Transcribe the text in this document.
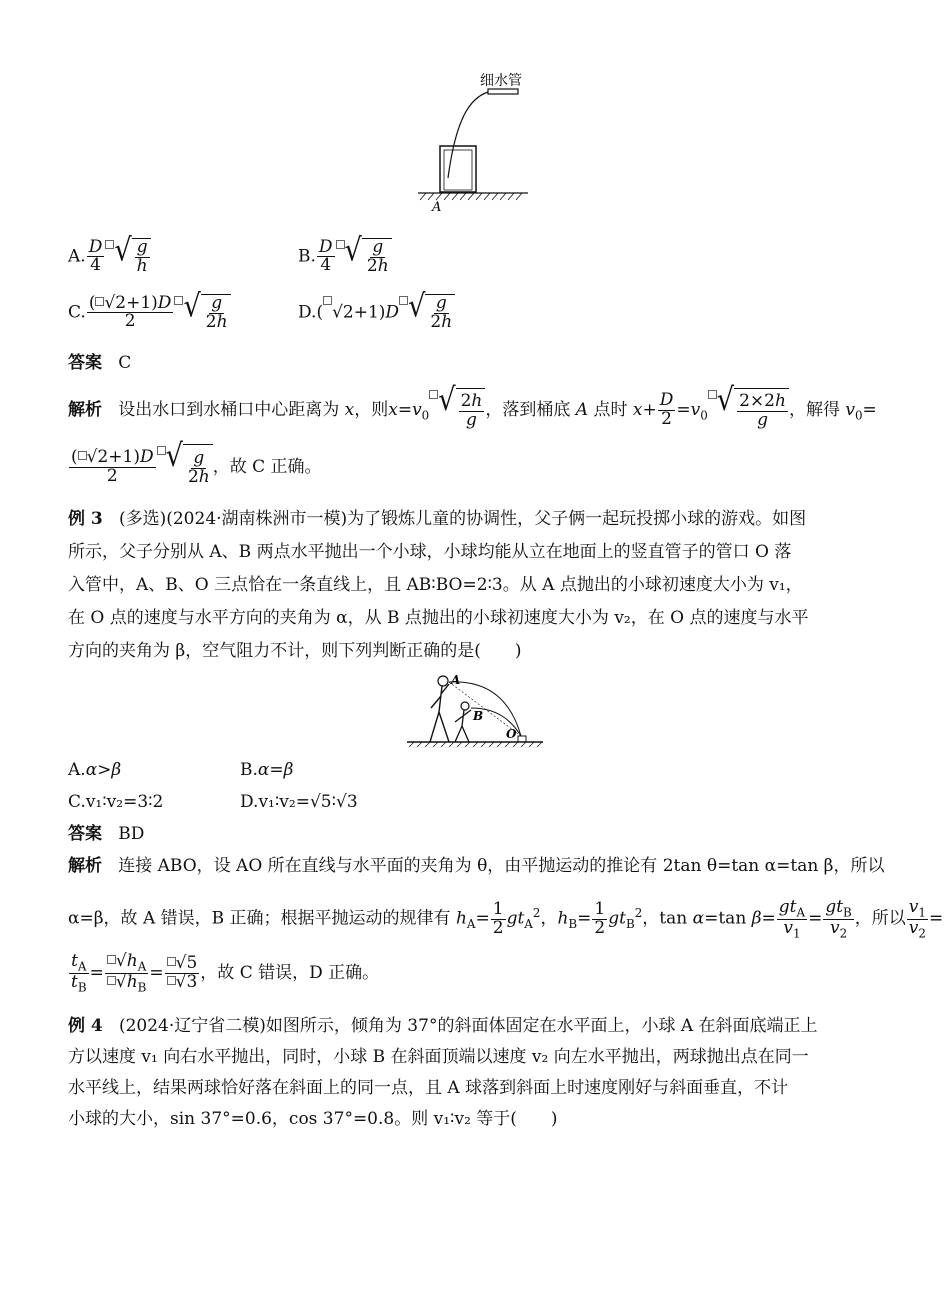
细水管
A
A. $\frac{D}{4}$ √ $\frac{g}{h}$	B. $\frac{D}{4}$ √ $\frac{g}{2h}$
C. $\frac{( √2+1)D}{2}$ √ $\frac{g}{2h}$	D.( √2+1)D √ $\frac{g}{2h}$
答案 C
解析 设出水口到水桶口中心距离为 x，则$x=v_0$ √ $\frac{2h}{g}$ ，落到桶底 A 点时 $x+ \frac{D}{2} =v_0$ √ $\frac{2\times 2h}{g}$ ，解得 $v_0=$
$\frac{( √2+1)D}{2}$ √ $\frac{g}{2h}$ ，故 C 正确。
例 3 (多选)(2024·湖南株洲市一模)为了锻炼儿童的协调性，父子俩一起玩投掷小球的游戏。如图
所示，父子分别从 A、B 两点水平抛出一个小球，小球均能从立在地面上的竖直管子的管口 O 落
入管中，A、B、O 三点恰在一条直线上，且 AB∶BO=2∶3。从 A 点抛出的小球初速度大小为 v₁，
在 O 点的速度与水平方向的夹角为 α，从 B 点抛出的小球初速度大小为 v₂，在 O 点的速度与水平
方向的夹角为 β，空气阻力不计，则下列判断正确的是(　　)
A
B
O
A.α>β	B.α=β
C.v₁∶v₂=3∶2	D.v₁∶v₂=√5∶√3
答案 BD
解析 连接 ABO，设 AO 所在直线与水平面的夹角为 θ，由平抛运动的推论有 2tan θ=tan α=tan β，所以
α=β，故 A 错误，B 正确；根据平抛运动的规律有 $h_A= \frac{1}{2} gt_A^2$，$h_B= \frac{1}{2} gt_B^2$，tan α=tan $\beta= \frac{gt_A}{v_1} = \frac{gt_B}{v_2}$ ，所以 $\frac{v_1}{v_2}$ =
$\frac{t_A}{t_B} = \frac{√h_A}{√h_B} = \frac{√5}{√3}$ ，故 C 错误，D 正确。
例 4 (2024·辽宁省二模)如图所示，倾角为 37°的斜面体固定在水平面上，小球 A 在斜面底端正上
方以速度 v₁ 向右水平抛出，同时，小球 B 在斜面顶端以速度 v₂ 向左水平抛出，两球抛出点在同一
水平线上，结果两球恰好落在斜面上的同一点，且 A 球落到斜面上时速度刚好与斜面垂直，不计
小球的大小，sin 37°=0.6，cos 37°=0.8。则 v₁∶v₂ 等于(　　)
